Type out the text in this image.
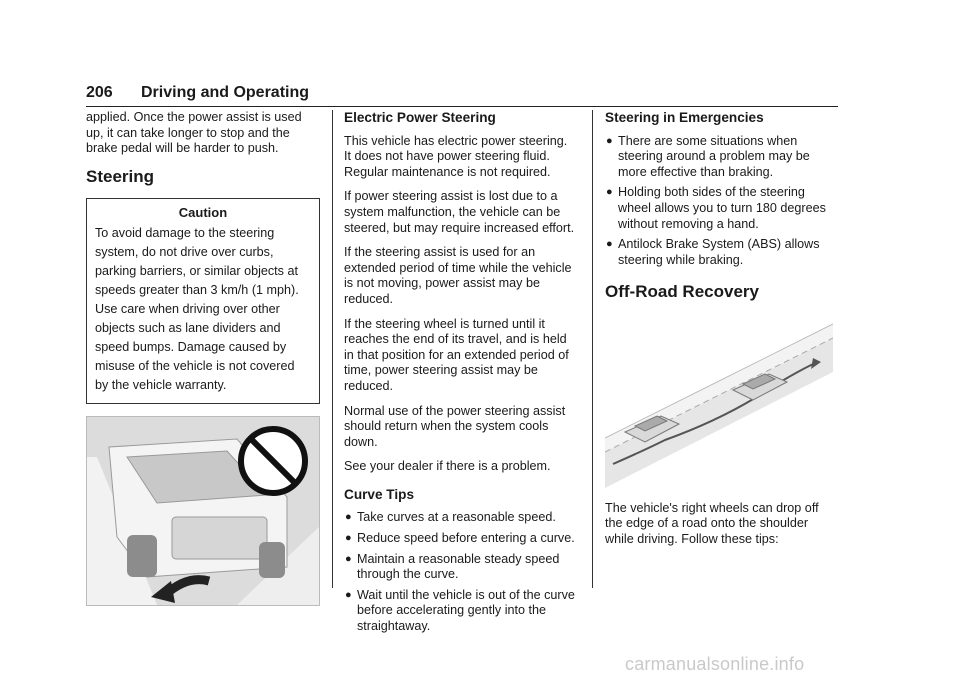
206 Driving and Operating

applied. Once the power assist is used up, it can take longer to stop and the brake pedal will be harder to push.

Steering
Caution
To avoid damage to the steering system, do not drive over curbs, parking barriers, or similar objects at speeds greater than 3 km/h (1 mph). Use care when driving over other objects such as lane dividers and speed bumps. Damage caused by misuse of the vehicle is not covered by the vehicle warranty.
Electric Power Steering

This vehicle has electric power steering. It does not have power steering fluid. Regular maintenance is not required.

If power steering assist is lost due to a system malfunction, the vehicle can be steered, but may require increased effort.

If the steering assist is used for an extended period of time while the vehicle is not moving, power assist may be reduced.

If the steering wheel is turned until it reaches the end of its travel, and is held in that position for an extended period of time, power steering assist may be reduced.

Normal use of the power steering assist should return when the system cools down.

See your dealer if there is a problem.

Curve Tips
● Take curves at a reasonable speed.
● Reduce speed before entering a curve.
● Maintain a reasonable steady speed through the curve.
● Wait until the vehicle is out of the curve before accelerating gently into the straightaway.
Steering in Emergencies
● There are some situations when steering around a problem may be more effective than braking.
● Holding both sides of the steering wheel allows you to turn 180 degrees without removing a hand.
● Antilock Brake System (ABS) allows steering while braking.
Off-Road Recovery

The vehicle's right wheels can drop off the edge of a road onto the shoulder while driving. Follow these tips:

carmanualsonline.info
